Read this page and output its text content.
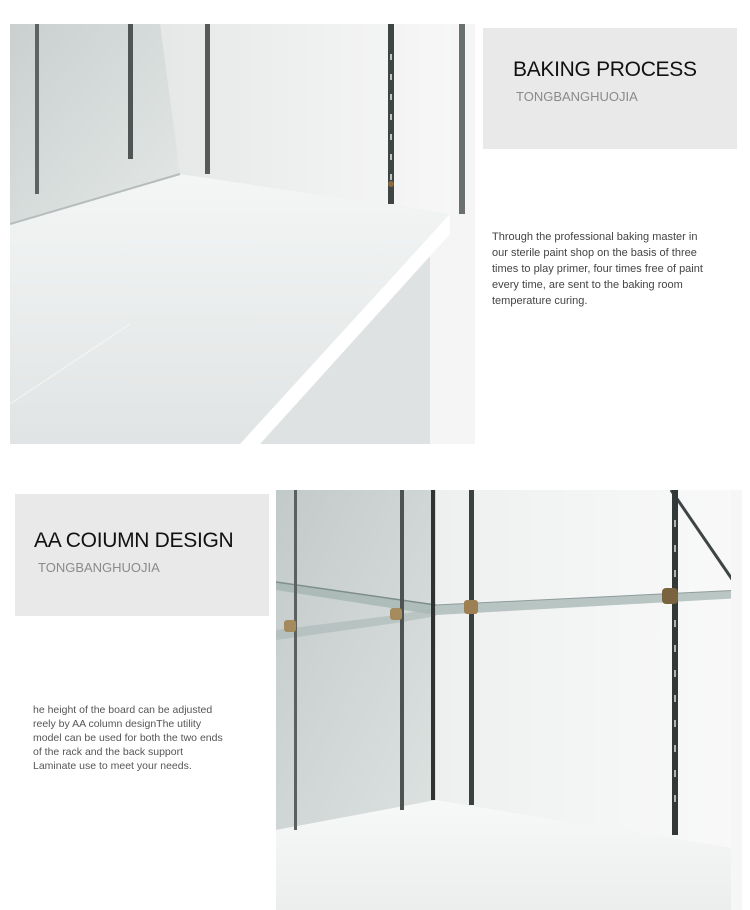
BAKING PROCESS
TONGBANGHUOJIA
Through the professional baking master in
our sterile paint shop on the basis of three
times to play primer, four times free of paint
every time, are sent to the baking room
temperature curing.
AA COIUMN DESIGN
TONGBANGHUOJIA
he height of the board can be adjusted
reely by AA column designThe utility
model can be used for both the two ends
of the rack and the back support
Laminate use to meet your needs.
